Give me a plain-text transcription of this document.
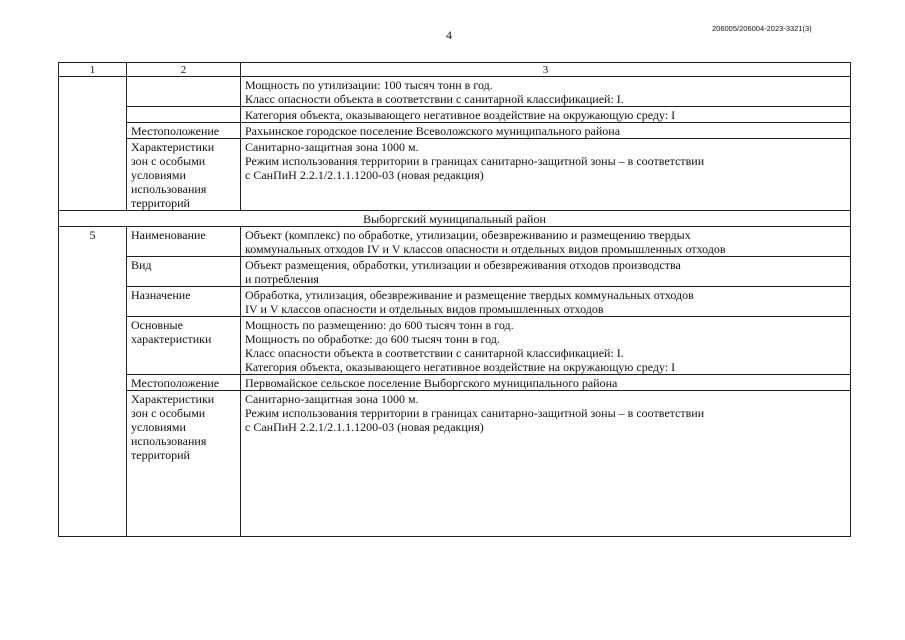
4	206005/206004-2023-3321(3)
1	2	3

		Мощность по утилизации: 100 тысяч тонн в год.
Класс опасности объекта в соответствии с санитарной классификацией: I.

		Категория объекта, оказывающего негативное воздействие на окружающую среду: I

	Местоположение	Рахьинское городское поселение Всеволожского муниципального района

	Характеристики
зон с особыми
условиями
использования
территорий	Санитарно-защитная зона 1000 м.
Режим использования территории в границах санитарно-защитной зоны – в соответствии
с СанПиН 2.2.1/2.1.1.1200-03 (новая редакция)

Выборгский муниципальный район		
5	Наименование	Объект (комплекс) по обработке, утилизации, обезвреживанию и размещению твердых
коммунальных отходов IV и V классов опасности и отдельных видов промышленных отходов

	Вид	Объект размещения, обработки, утилизации и обезвреживания отходов производства
и потребления

	Назначение	Обработка, утилизация, обезвреживание и размещение твердых коммунальных отходов
IV и V классов опасности и отдельных видов промышленных отходов

	Основные
характеристики	Мощность по размещению: до 600 тысяч тонн в год.
Мощность по обработке: до 600 тысяч тонн в год.
Класс опасности объекта в соответствии с санитарной классификацией: I.
Категория объекта, оказывающего негативное воздействие на окружающую среду: I

	Местоположение	Первомайское сельское поселение Выборгского муниципального района

	Характеристики
зон с особыми
условиями
использования
территорий	Санитарно-защитная зона 1000 м.
Режим использования территории в границах санитарно-защитной зоны – в соответствии
с СанПиН 2.2.1/2.1.1.1200-03 (новая редакция)
